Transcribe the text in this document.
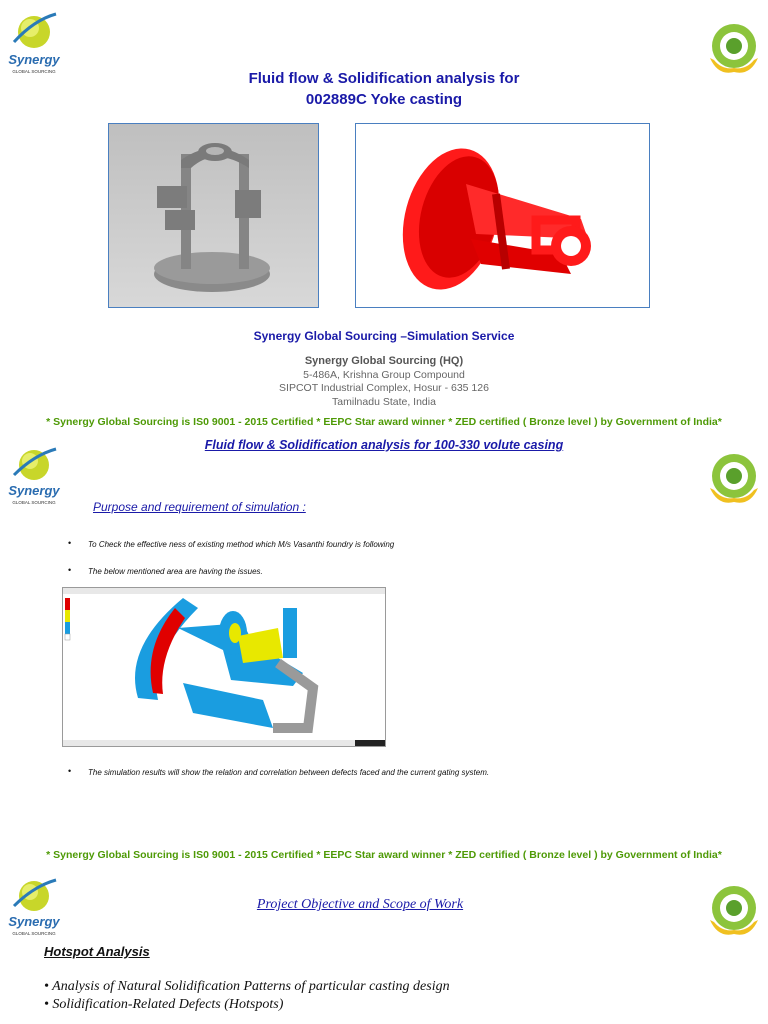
Synergy
GLOBAL SOURCING	Fluid flow & Solidification analysis for
002889C Yoke casting
Synergy Global Sourcing –Simulation Service
Synergy Global Sourcing (HQ)
5-486A, Krishna Group Compound
SIPCOT Industrial Complex, Hosur - 635 126
Tamilnadu State, India
* Synergy Global Sourcing is IS0 9001 - 2015 Certified * EEPC Star award winner * ZED certified ( Bronze level ) by Government of India*
Fluid flow & Solidification analysis for 100-330 volute casing
Synergy
GLOBAL SOURCING	Purpose and requirement of simulation :
• To Check the effective ness of existing method which M/s Vasanthi foundry is following
• The below mentioned area are having the issues.
• The simulation results will show the relation and correlation between defects faced and the current gating system.
* Synergy Global Sourcing is IS0 9001 - 2015 Certified * EEPC Star award winner * ZED certified ( Bronze level ) by Government of India*
Synergy
GLOBAL SOURCING
Project Objective and Scope of Work
Hotspot Analysis
• Analysis of Natural Solidification Patterns of particular casting design
• Solidification-Related Defects (Hotspots)
